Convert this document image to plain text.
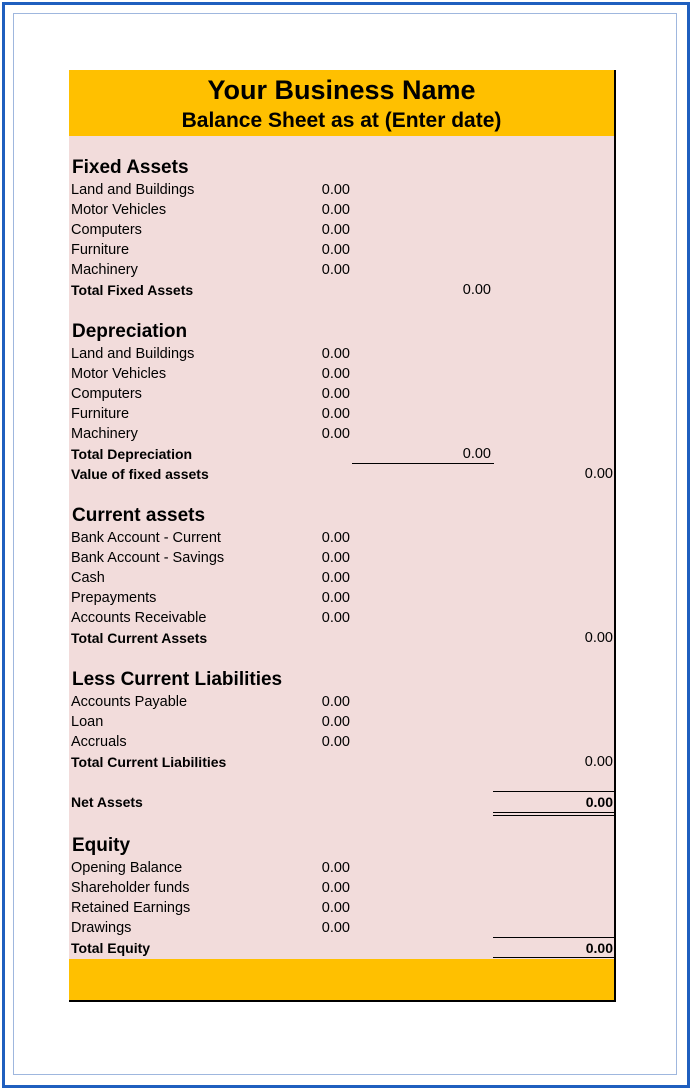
Your Business Name
Balance Sheet as at (Enter date)
Fixed Assets
Land and Buildings	0.00
Motor Vehicles	0.00
Computers	0.00
Furniture	0.00
Machinery	0.00
Total Fixed Assets	0.00
Depreciation
Land and Buildings	0.00
Motor Vehicles	0.00
Computers	0.00
Furniture	0.00
Machinery	0.00
Total Depreciation	0.00
Value of fixed assets	0.00
Current assets
Bank Account - Current	0.00
Bank Account - Savings	0.00
Cash	0.00
Prepayments	0.00
Accounts Receivable	0.00
Total Current Assets	0.00
Less Current Liabilities
Accounts Payable	0.00
Loan	0.00
Accruals	0.00
Total Current Liabilities	0.00
Net Assets	0.00
Equity
Opening Balance	0.00
Shareholder funds	0.00
Retained Earnings	0.00
Drawings	0.00
Total Equity	0.00
